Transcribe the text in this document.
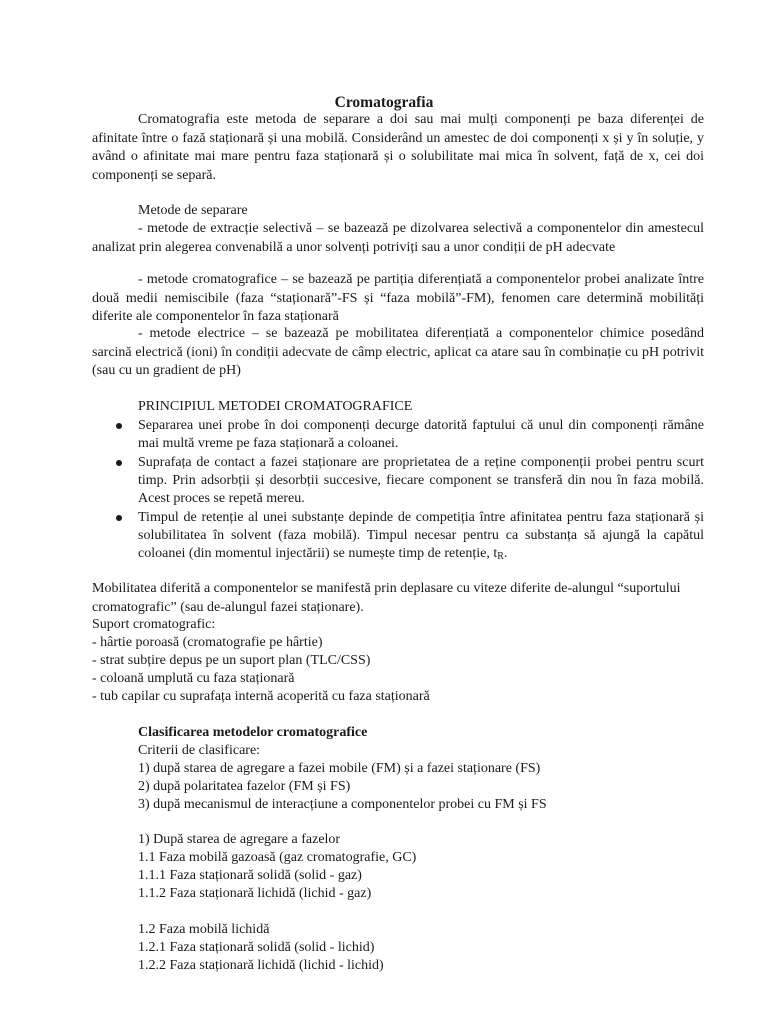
Cromatografia
Cromatografia este metoda de separare a doi sau mai mulți componenți pe baza diferenței de afinitate între o fază staționară și una mobilă. Considerând un amestec de doi componenți x și y în soluție, y având o afinitate mai mare pentru faza staționară și o solubilitate mai mica în solvent, față de x, cei doi componenți se separă.
Metode de separare
- metode de extracție selectivă – se bazează pe dizolvarea selectivă a componentelor din amestecul analizat prin alegerea convenabilă a unor solvenți potriviți sau a unor condiții de pH adecvate
- metode cromatografice – se bazează pe partiția diferențiată a componentelor probei analizate între două medii nemiscibile (faza “staționară”-FS și “faza mobilă”-FM), fenomen care determină mobilități diferite ale componentelor în faza staționară
- metode electrice – se bazează pe mobilitatea diferențiată a componentelor chimice posedând sarcină electrică (ioni) în condiții adecvate de câmp electric, aplicat ca atare sau în combinație cu pH potrivit (sau cu un gradient de pH)
PRINCIPIUL METODEI CROMATOGRAFICE
Separarea unei probe în doi componenți decurge datorită faptului că unul din componenți rămâne mai multă vreme pe faza staționară a coloanei.
Suprafața de contact a fazei staționare are proprietatea de a reține componenții probei pentru scurt timp. Prin adsorbții și desorbții succesive, fiecare component se transferă din nou în faza mobilă. Acest proces se repetă mereu.
Timpul de retenție al unei substanțe depinde de competiția între afinitatea pentru faza staționară și solubilitatea în solvent (faza mobilă). Timpul necesar pentru ca substanța să ajungă la capătul coloanei (din momentul injectării) se numește timp de retenție, $t_R$.
Mobilitatea diferită a componentelor se manifestă prin deplasare cu viteze diferite de-alungul “suportului cromatografic” (sau de-alungul fazei staționare).
Suport cromatografic:
- hârtie poroasă (cromatografie pe hârtie)
- strat subțire depus pe un suport plan (TLC/CSS)
- coloană umplută cu faza staționară
- tub capilar cu suprafața internă acoperită cu faza staționară
Clasificarea metodelor cromatografice
Criterii de clasificare:
1) după starea de agregare a fazei mobile (FM) și a fazei staționare (FS)
2) după polaritatea fazelor (FM și FS)
3) după mecanismul de interacțiune a componentelor probei cu FM și FS
1) După starea de agregare a fazelor
1.1 Faza mobilă gazoasă (gaz cromatografie, GC)
1.1.1 Faza staționară solidă (solid - gaz)
1.1.2 Faza staționară lichidă (lichid - gaz)
1.2 Faza mobilă lichidă
1.2.1 Faza staționară solidă (solid - lichid)
1.2.2 Faza staționară lichidă (lichid - lichid)
